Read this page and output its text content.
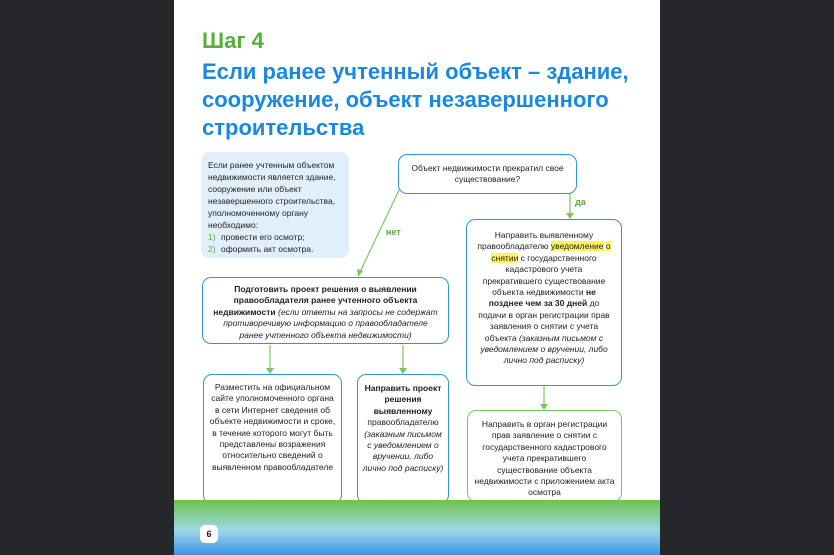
Шаг 4
Если ранее учтенный объект – здание, сооружение, объект незавершенного строительства
Если ранее учтенным объектом недвижимости является здание, сооружение или объект незавершенного строительства, уполномоченному органу необходимо:
1) провести его осмотр;
2) оформить акт осмотра.
Объект недвижимости прекратил свое существование?
нет
да
Подготовить проект решения о выявлении правообладателя ранее учтенного объекта недвижимости (если ответы на запросы не содержат противоречивую информацию о правообладателе ранее учтенного объекта недвижимости)
Направить выявленному правообладателю уведомление о снятии с государственного кадастрового учета прекратившего существование объекта недвижимости не позднее чем за 30 дней до подачи в орган регистрации прав заявления о снятии с учета объекта (заказным письмом с уведомлением о вручении, либо лично под расписку)
Разместить на официальном сайте уполномоченного органа в сети Интернет сведения об объекте недвижимости и сроке, в течение которого могут быть представлены возражения относительно сведений о выявленном правообладателе
Направить проект решения выявленному правообладателю (заказным письмом с уведомлением о вручении, либо лично под расписку)
Направить в орган регистрации прав заявление о снятии с государственного кадастрового учета прекратившего существование объекта недвижимости с приложением акта осмотра
6
